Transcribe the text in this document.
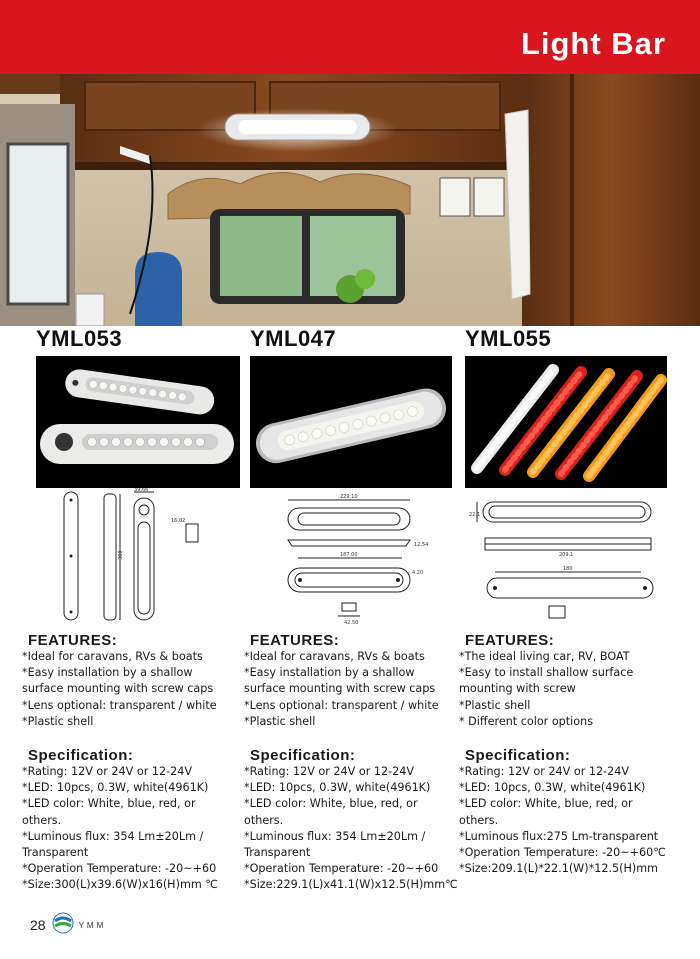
Light Bar
YML053	YML047	YML055
39.66
16.02
300
229.10
12.54
187.00
4.20
42.50
22.1
209.1
180
FEATURES:
*Ideal for caravans, RVs & boats
*Easy installation by a shallow
surface mounting with screw caps
*Lens optional: transparent / white
*Plastic shell
Specification:
*Rating: 12V or 24V or 12-24V
*LED: 10pcs, 0.3W, white(4961K)
*LED color: White, blue, red, or
others.
*Luminous flux: 354 Lm±20Lm /
Transparent
*Operation Temperature: -20~+60
*Size:300(L)x39.6(W)x16(H)mm ℃
FEATURES:
*Ideal for caravans, RVs & boats
*Easy installation by a shallow
surface mounting with screw caps
*Lens optional: transparent / white
*Plastic shell
Specification:
*Rating: 12V or 24V or 12-24V
*LED: 10pcs, 0.3W, white(4961K)
*LED color: White, blue, red, or
others.
*Luminous flux: 354 Lm±20Lm /
Transparent
*Operation Temperature: -20~+60
*Size:229.1(L)x41.1(W)x12.5(H)mm℃
FEATURES:
*The ideal living car, RV, BOAT
*Easy to install shallow surface
mounting with screw
*Plastic shell
* Different color options
Specification:
*Rating: 12V or 24V or 12-24V
*LED: 10pcs, 0.3W, white(4961K)
*LED color: White, blue, red, or
others.
*Luminous flux:275 Lm-transparent
*Operation Temperature: -20~+60℃
*Size:209.1(L)*22.1(W)*12.5(H)mm
28	YMM
